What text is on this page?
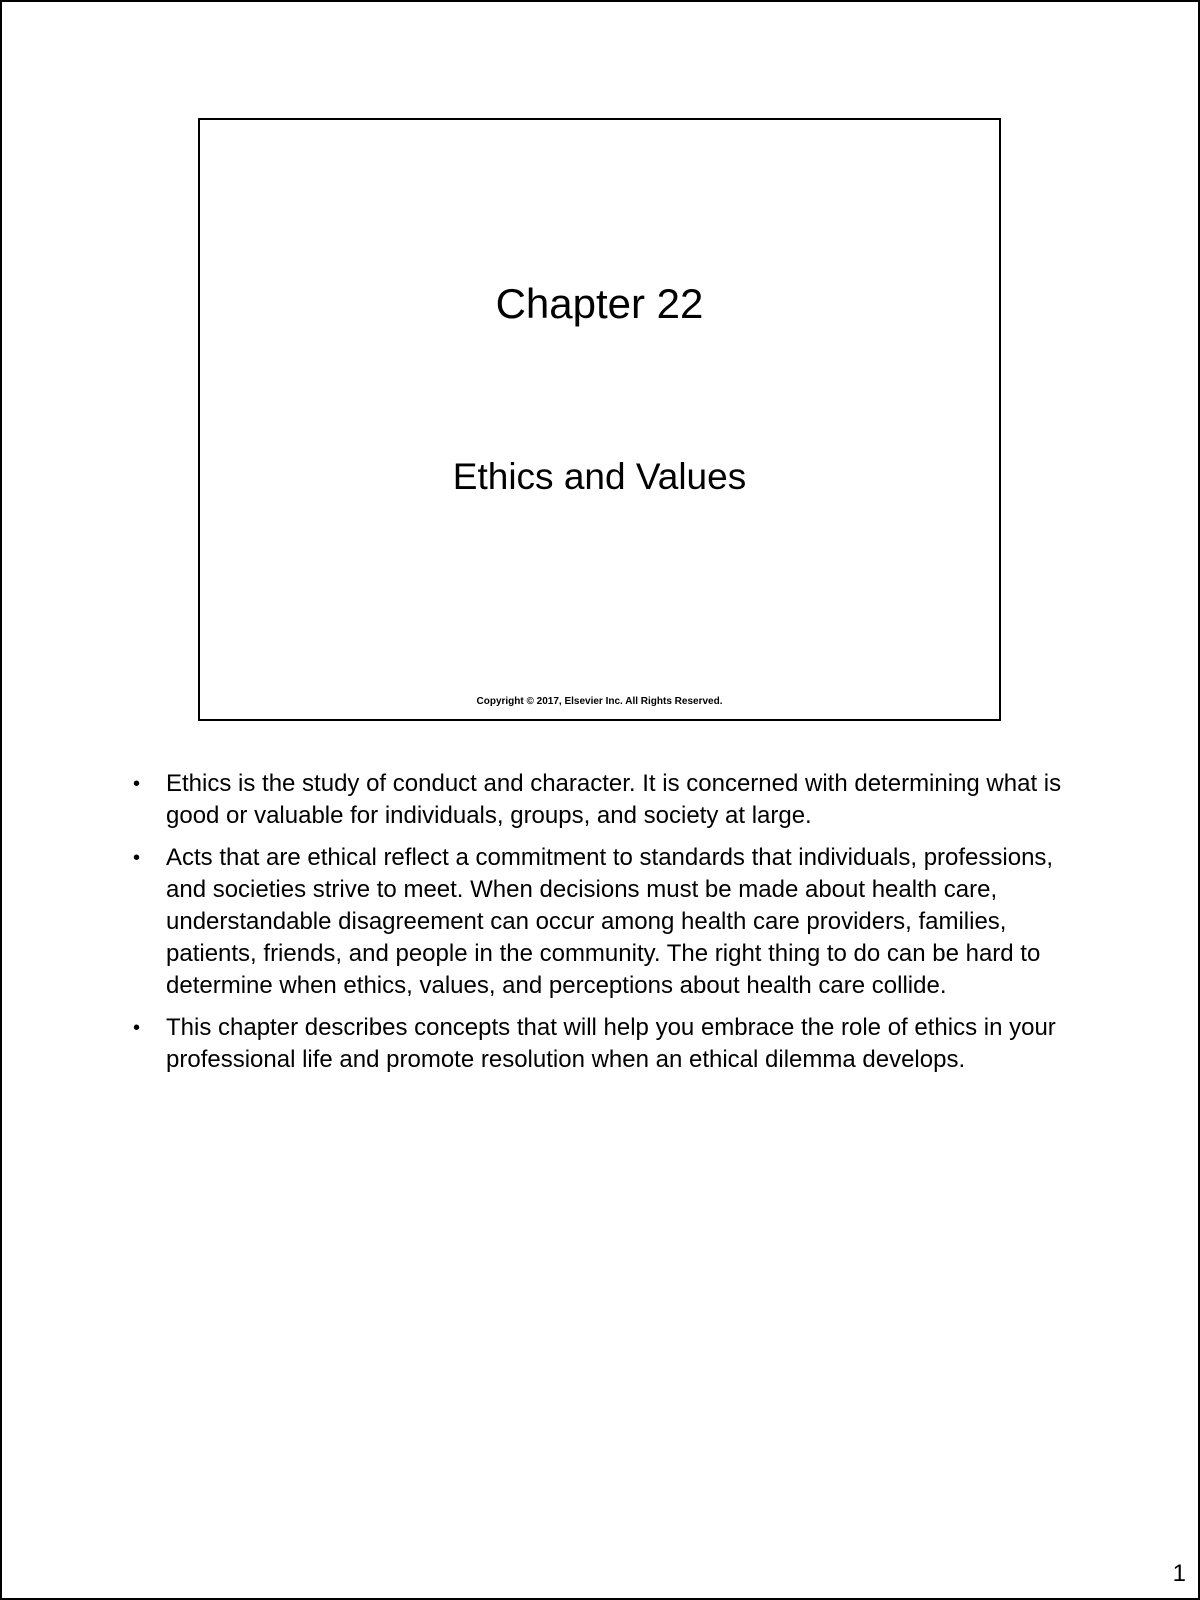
Chapter 22
Ethics and Values
Copyright © 2017, Elsevier Inc. All Rights Reserved.
• Ethics is the study of conduct and character. It is concerned with determining what is good or valuable for individuals, groups, and society at large.
• Acts that are ethical reflect a commitment to standards that individuals, professions, and societies strive to meet. When decisions must be made about health care, understandable disagreement can occur among health care providers, families, patients, friends, and people in the community. The right thing to do can be hard to determine when ethics, values, and perceptions about health care collide.
• This chapter describes concepts that will help you embrace the role of ethics in your professional life and promote resolution when an ethical dilemma develops.
1
